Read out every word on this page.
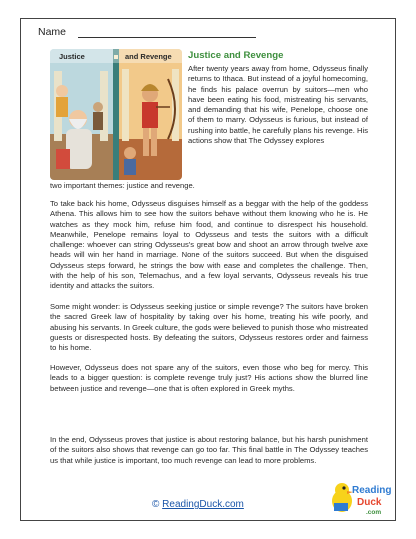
Name
Justice	and Revenge Justice and Revenge

After twenty years away from home, Odysseus finally returns to Ithaca. But instead of a joyful homecoming, he finds his palace overrun by suitors—men who have been eating his food, mistreating his servants, and demanding that his wife, Penelope, choose one of them to marry. Odysseus is furious, but instead of rushing into battle, he carefully plans his revenge. His actions show that The Odyssey explores

two important themes: justice and revenge.

To take back his home, Odysseus disguises himself as a beggar with the help of the goddess Athena. This allows him to see how the suitors behave without them knowing who he is. He watches as they mock him, refuse him food, and continue to disrespect his household. Meanwhile, Penelope remains loyal to Odysseus and tests the suitors with a difficult challenge: whoever can string Odysseus's great bow and shoot an arrow through twelve axe heads will win her hand in marriage. None of the suitors succeed. But when the disguised Odysseus steps forward, he strings the bow with ease and completes the challenge. Then, with the help of his son, Telemachus, and a few loyal servants, Odysseus reveals his true identity and attacks the suitors.

Some might wonder: is Odysseus seeking justice or simple revenge? The suitors have broken the sacred Greek law of hospitality by taking over his home, treating his wife poorly, and abusing his servants. In Greek culture, the gods were believed to punish those who mistreated guests or disrespected hosts. By defeating the suitors, Odysseus restores order and fairness to his home.

However, Odysseus does not spare any of the suitors, even those who beg for mercy. This leads to a bigger question: is complete revenge truly just? His actions show the blurred line between justice and revenge—one that is often explored in Greek myths.

In the end, Odysseus proves that justice is about restoring balance, but his harsh punishment of the suitors also shows that revenge can go too far. This final battle in The Odyssey teaches us that while justice is important, too much revenge can lead to more problems.

© ReadingDuck.com
Reading
Duck
.com
